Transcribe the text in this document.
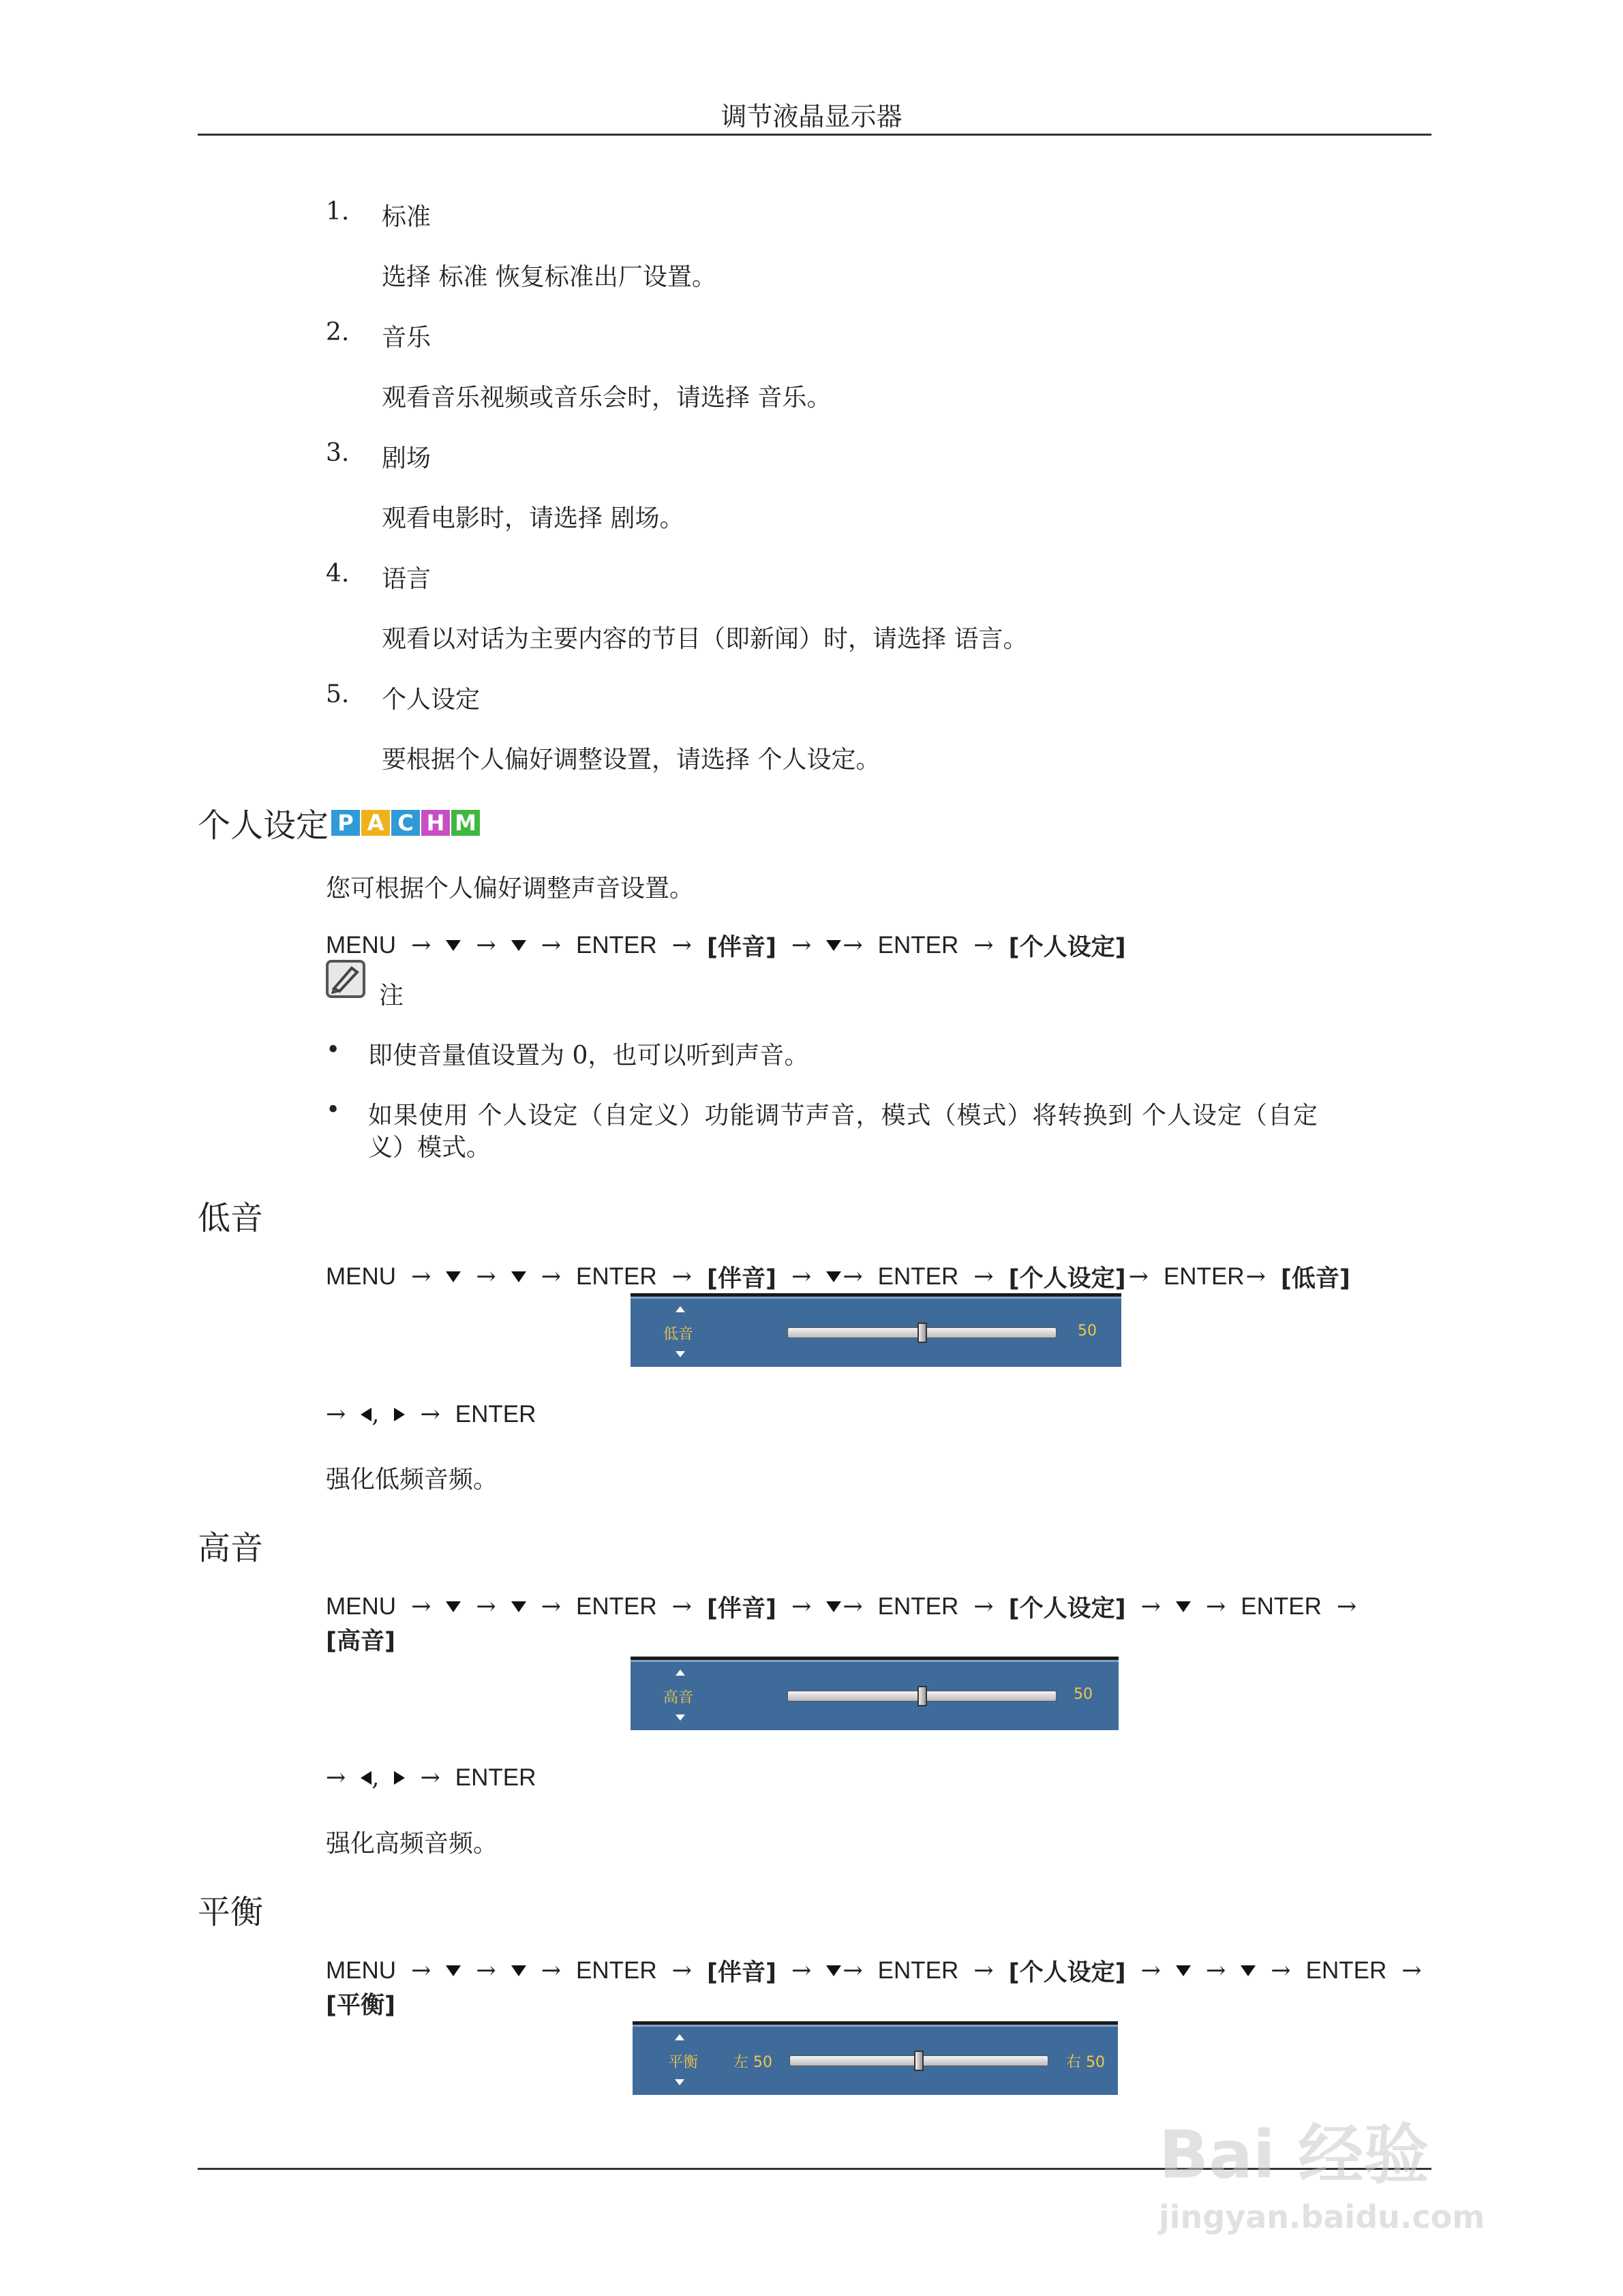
调节液晶显示器
1.	标准
选择 标准 恢复标准出厂设置。
2.	音乐
观看音乐视频或音乐会时，请选择 音乐。
3.	剧场
观看电影时，请选择 剧场。
4.	语言
观看以对话为主要内容的节目（即新闻）时，请选择 语言。
5.	个人设定
要根据个人偏好调整设置，请选择 个人设定。
个人设定 P A C H M
您可根据个人偏好调整声音设置。
MENU → → → ENTER → [伴音] → → ENTER → [个人设定]
注
•	即使音量值设置为 0，也可以听到声音。
•	如果使用 个人设定（自定义）功能调节声音，模式（模式）将转换到 个人设定（自定
义）模式。
低音
MENU → → → ENTER → [伴音] → → ENTER → [个人设定] → ENTER → [低音]
低音	50
→ , → ENTER
强化低频音频。
高音
MENU → → → ENTER → [伴音] → → ENTER → [个人设定] → → ENTER →
[高音]
高音	50
→ , → ENTER
强化高频音频。
平衡
MENU → → → ENTER → [伴音] → → ENTER → [个人设定] → → → ENTER →
[平衡]
平衡 左 50	右 50
Bai 经验
jingyan.baidu.com
